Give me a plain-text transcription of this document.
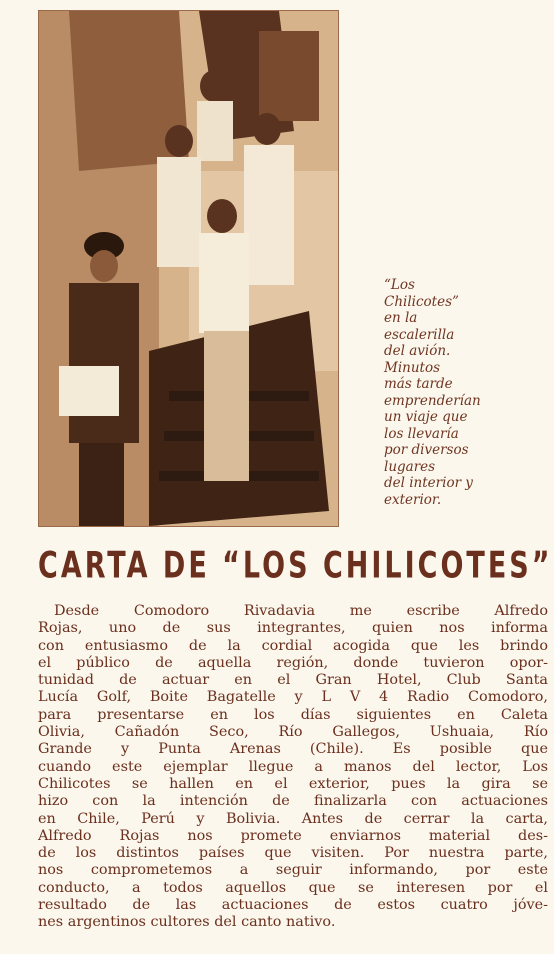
“Los
Chilicotes”
en la
escalerilla
del avión.
Minutos
más tarde
emprenderían
un viaje que
los llevaría
por diversos
lugares
del interior y
exterior.
CARTA DE “LOS CHILICOTES”
Desde Comodoro Rivadavia me escribe Alfredo
Rojas, uno de sus integrantes, quien nos informa
con entusiasmo de la cordial acogida que les brindo
el público de aquella región, donde tuvieron opor-
tunidad de actuar en el Gran Hotel, Club Santa
Lucía Golf, Boite Bagatelle y L V 4 Radio Comodoro,
para presentarse en los días siguientes en Caleta
Olivia, Cañadón Seco, Río Gallegos, Ushuaia, Río
Grande y Punta Arenas (Chile). Es posible que
cuando este ejemplar llegue a manos del lector, Los
Chilicotes se hallen en el exterior, pues la gira se
hizo con la intención de finalizarla con actuaciones
en Chile, Perú y Bolivia. Antes de cerrar la carta,
Alfredo Rojas nos promete enviarnos material des-
de los distintos países que visiten. Por nuestra parte,
nos comprometemos a seguir informando, por este
conducto, a todos aquellos que se interesen por el
resultado de las actuaciones de estos cuatro jóve-
nes argentinos cultores del canto nativo.
